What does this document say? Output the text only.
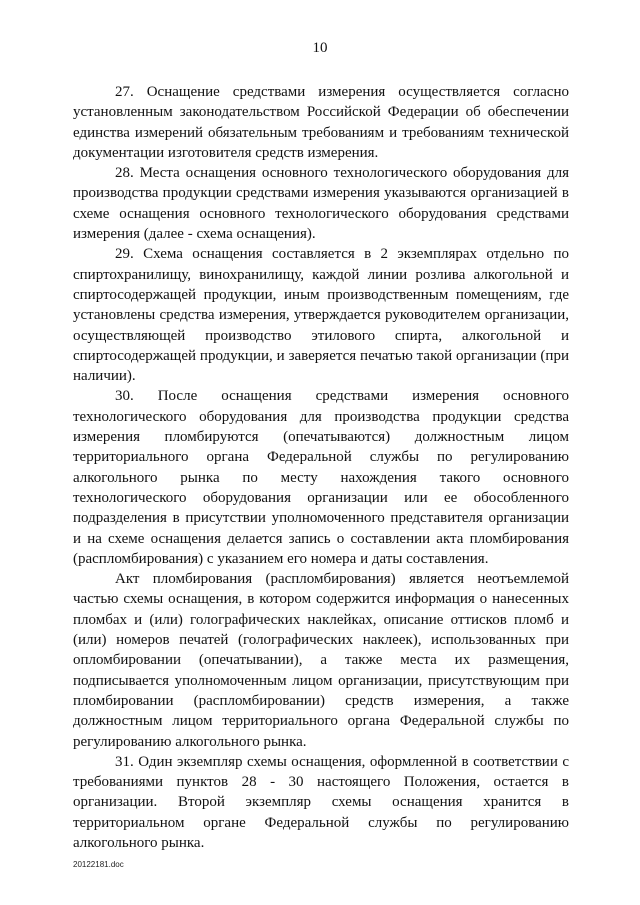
10

27. Оснащение средствами измерения осуществляется согласно установленным законодательством Российской Федерации об обеспечении единства измерений обязательным требованиям и требованиям технической документации изготовителя средств измерения.

28. Места оснащения основного технологического оборудования для производства продукции средствами измерения указываются организацией в схеме оснащения основного технологического оборудования средствами измерения (далее - схема оснащения).

29. Схема оснащения составляется в 2 экземплярах отдельно по спиртохранилищу, винохранилищу, каждой линии розлива алкогольной и спиртосодержащей продукции, иным производственным помещениям, где установлены средства измерения, утверждается руководителем организации, осуществляющей производство этилового спирта, алкогольной и спиртосодержащей продукции, и заверяется печатью такой организации (при наличии).

30. После оснащения средствами измерения основного технологического оборудования для производства продукции средства измерения пломбируются (опечатываются) должностным лицом территориального органа Федеральной службы по регулированию алкогольного рынка по месту нахождения такого основного технологического оборудования организации или ее обособленного подразделения в присутствии уполномоченного представителя организации и на схеме оснащения делается запись о составлении акта пломбирования (распломбирования) с указанием его номера и даты составления.

Акт пломбирования (распломбирования) является неотъемлемой частью схемы оснащения, в котором содержится информация о нанесенных пломбах и (или) голографических наклейках, описание оттисков пломб и (или) номеров печатей (голографических наклеек), использованных при опломбировании (опечатывании), а также места их размещения, подписывается уполномоченным лицом организации, присутствующим при пломбировании (распломбировании) средств измерения, а также должностным лицом территориального органа Федеральной службы по регулированию алкогольного рынка.

31. Один экземпляр схемы оснащения, оформленной в соответствии с требованиями пунктов 28 - 30 настоящего Положения, остается в организации. Второй экземпляр схемы оснащения хранится в территориальном органе Федеральной службы по регулированию алкогольного рынка.

20122181.doc
